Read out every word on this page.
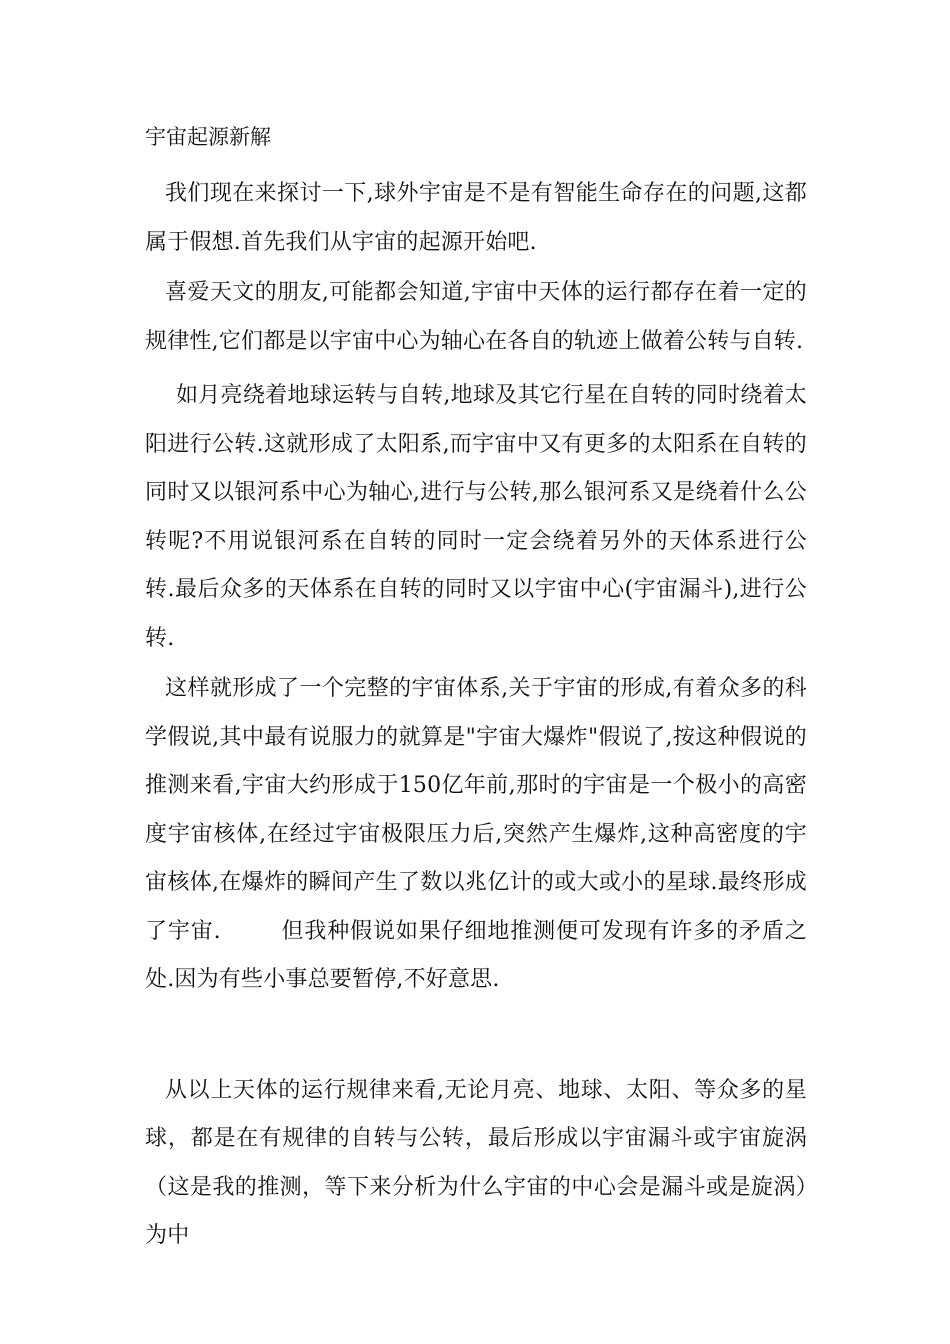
宇宙起源新解

我们现在来探讨一下,球外宇宙是不是有智能生命存在的问题,这都属于假想.首先我们从宇宙的起源开始吧.

喜爱天文的朋友,可能都会知道,宇宙中天体的运行都存在着一定的规律性,它们都是以宇宙中心为轴心在各自的轨迹上做着公转与自转.

如月亮绕着地球运转与自转,地球及其它行星在自转的同时绕着太阳进行公转.这就形成了太阳系,而宇宙中又有更多的太阳系在自转的同时又以银河系中心为轴心,进行与公转,那么银河系又是绕着什么公转呢?不用说银河系在自转的同时一定会绕着另外的天体系进行公转.最后众多的天体系在自转的同时又以宇宙中心(宇宙漏斗),进行公转.

这样就形成了一个完整的宇宙体系,关于宇宙的形成,有着众多的科学假说,其中最有说服力的就算是"宇宙大爆炸"假说了,按这种假说的推测来看,宇宙大约形成于150亿年前,那时的宇宙是一个极小的高密度宇宙核体,在经过宇宙极限压力后,突然产生爆炸,这种高密度的宇宙核体,在爆炸的瞬间产生了数以兆亿计的或大或小的星球.最终形成了宇宙.	但我种假说如果仔细地推测便可发现有许多的矛盾之处.因为有些小事总要暂停,不好意思.

从以上天体的运行规律来看,无论月亮、地球、太阳、等众多的星球，都是在有规律的自转与公转，最后形成以宇宙漏斗或宇宙旋涡（这是我的推测，等下来分析为什么宇宙的中心会是漏斗或是旋涡）为中
